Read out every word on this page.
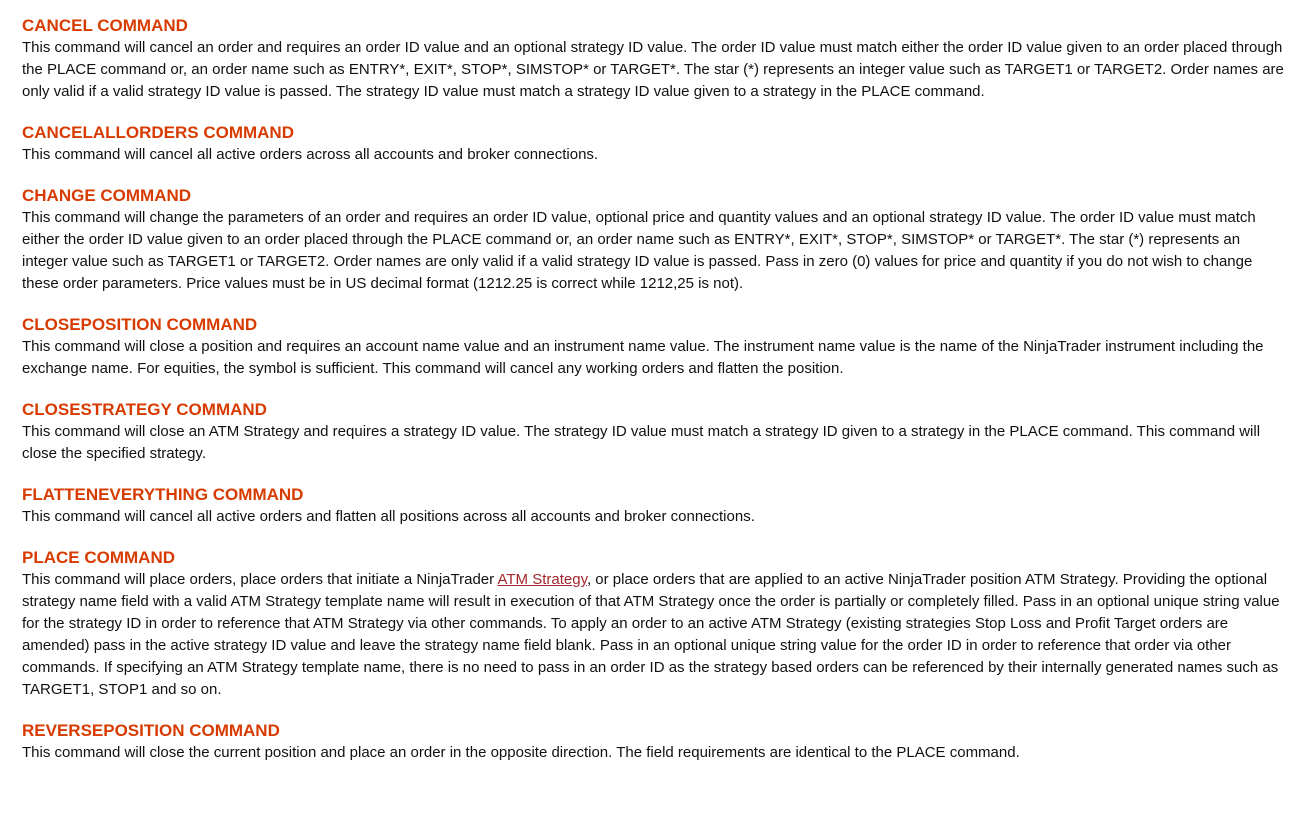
CANCEL COMMAND

This command will cancel an order and requires an order ID value and an optional strategy ID value. The order ID value must match either the order ID value given to an order placed through the PLACE command or, an order name such as ENTRY*, EXIT*, STOP*, SIMSTOP* or TARGET*. The star (*) represents an integer value such as TARGET1 or TARGET2. Order names are only valid if a valid strategy ID value is passed. The strategy ID value must match a strategy ID value given to a strategy in the PLACE command.

CANCELALLORDERS COMMAND

This command will cancel all active orders across all accounts and broker connections.

CHANGE COMMAND

This command will change the parameters of an order and requires an order ID value, optional price and quantity values and an optional strategy ID value. The order ID value must match either the order ID value given to an order placed through the PLACE command or, an order name such as ENTRY*, EXIT*, STOP*, SIMSTOP* or TARGET*. The star (*) represents an integer value such as TARGET1 or TARGET2. Order names are only valid if a valid strategy ID value is passed. Pass in zero (0) values for price and quantity if you do not wish to change these order parameters. Price values must be in US decimal format (1212.25 is correct while 1212,25 is not).

CLOSEPOSITION COMMAND

This command will close a position and requires an account name value and an instrument name value. The instrument name value is the name of the NinjaTrader instrument including the exchange name. For equities, the symbol is sufficient. This command will cancel any working orders and flatten the position.

CLOSESTRATEGY COMMAND

This command will close an ATM Strategy and requires a strategy ID value. The strategy ID value must match a strategy ID given to a strategy in the PLACE command. This command will close the specified strategy.

FLATTENEVERYTHING COMMAND

This command will cancel all active orders and flatten all positions across all accounts and broker connections.

PLACE COMMAND

This command will place orders, place orders that initiate a NinjaTrader ATM Strategy, or place orders that are applied to an active NinjaTrader position ATM Strategy. Providing the optional strategy name field with a valid ATM Strategy template name will result in execution of that ATM Strategy once the order is partially or completely filled. Pass in an optional unique string value for the strategy ID in order to reference that ATM Strategy via other commands. To apply an order to an active ATM Strategy (existing strategies Stop Loss and Profit Target orders are amended) pass in the active strategy ID value and leave the strategy name field blank. Pass in an optional unique string value for the order ID in order to reference that order via other commands. If specifying an ATM Strategy template name, there is no need to pass in an order ID as the strategy based orders can be referenced by their internally generated names such as TARGET1, STOP1 and so on.

REVERSEPOSITION COMMAND

This command will close the current position and place an order in the opposite direction. The field requirements are identical to the PLACE command.
